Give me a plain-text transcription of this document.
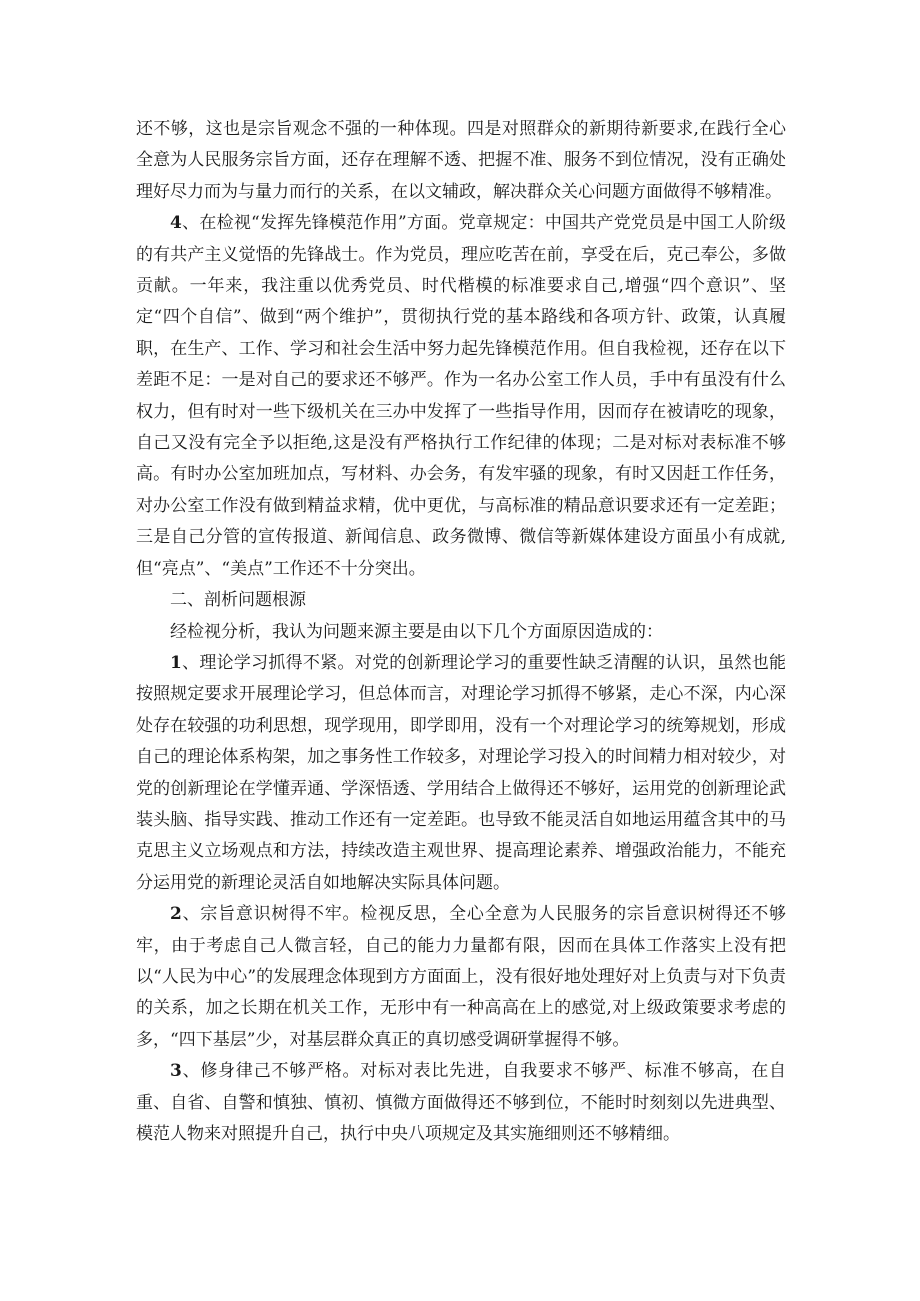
还不够，这也是宗旨观念不强的一种体现。四是对照群众的新期待新要求,在践行全心全意为人民服务宗旨方面，还存在理解不透、把握不准、服务不到位情况，没有正确处理好尽力而为与量力而行的关系，在以文辅政，解决群众关心问题方面做得不够精准。

4、在检视“发挥先锋模范作用”方面。党章规定：中国共产党党员是中国工人阶级的有共产主义觉悟的先锋战士。作为党员，理应吃苦在前，享受在后，克己奉公，多做贡献。一年来，我注重以优秀党员、时代楷模的标准要求自己,增强“四个意识”、坚定“四个自信”、做到“两个维护”，贯彻执行党的基本路线和各项方针、政策，认真履职，在生产、工作、学习和社会生活中努力起先锋模范作用。但自我检视，还存在以下差距不足：一是对自己的要求还不够严。作为一名办公室工作人员，手中有虽没有什么权力，但有时对一些下级机关在三办中发挥了一些指导作用，因而存在被请吃的现象，自己又没有完全予以拒绝,这是没有严格执行工作纪律的体现；二是对标对表标准不够高。有时办公室加班加点，写材料、办会务，有发牢骚的现象，有时又因赶工作任务，对办公室工作没有做到精益求精，优中更优，与高标准的精品意识要求还有一定差距；三是自己分管的宣传报道、新闻信息、政务微博、微信等新媒体建设方面虽小有成就,但“亮点”、“美点”工作还不十分突出。

二、剖析问题根源

经检视分析，我认为问题来源主要是由以下几个方面原因造成的：

1、理论学习抓得不紧。对党的创新理论学习的重要性缺乏清醒的认识，虽然也能按照规定要求开展理论学习，但总体而言，对理论学习抓得不够紧，走心不深，内心深处存在较强的功利思想，现学现用，即学即用，没有一个对理论学习的统筹规划，形成自己的理论体系构架，加之事务性工作较多，对理论学习投入的时间精力相对较少，对党的创新理论在学懂弄通、学深悟透、学用结合上做得还不够好，运用党的创新理论武装头脑、指导实践、推动工作还有一定差距。也导致不能灵活自如地运用蕴含其中的马克思主义立场观点和方法，持续改造主观世界、提高理论素养、增强政治能力，不能充分运用党的新理论灵活自如地解决实际具体问题。

2、宗旨意识树得不牢。检视反思，全心全意为人民服务的宗旨意识树得还不够牢，由于考虑自己人微言轻，自己的能力力量都有限，因而在具体工作落实上没有把以“人民为中心”的发展理念体现到方方面面上，没有很好地处理好对上负责与对下负责的关系，加之长期在机关工作，无形中有一种高高在上的感觉,对上级政策要求考虑的多，“四下基层”少，对基层群众真正的真切感受调研掌握得不够。

3、修身律己不够严格。对标对表比先进，自我要求不够严、标准不够高，在自重、自省、自警和慎独、慎初、慎微方面做得还不够到位，不能时时刻刻以先进典型、模范人物来对照提升自己，执行中央八项规定及其实施细则还不够精细。
